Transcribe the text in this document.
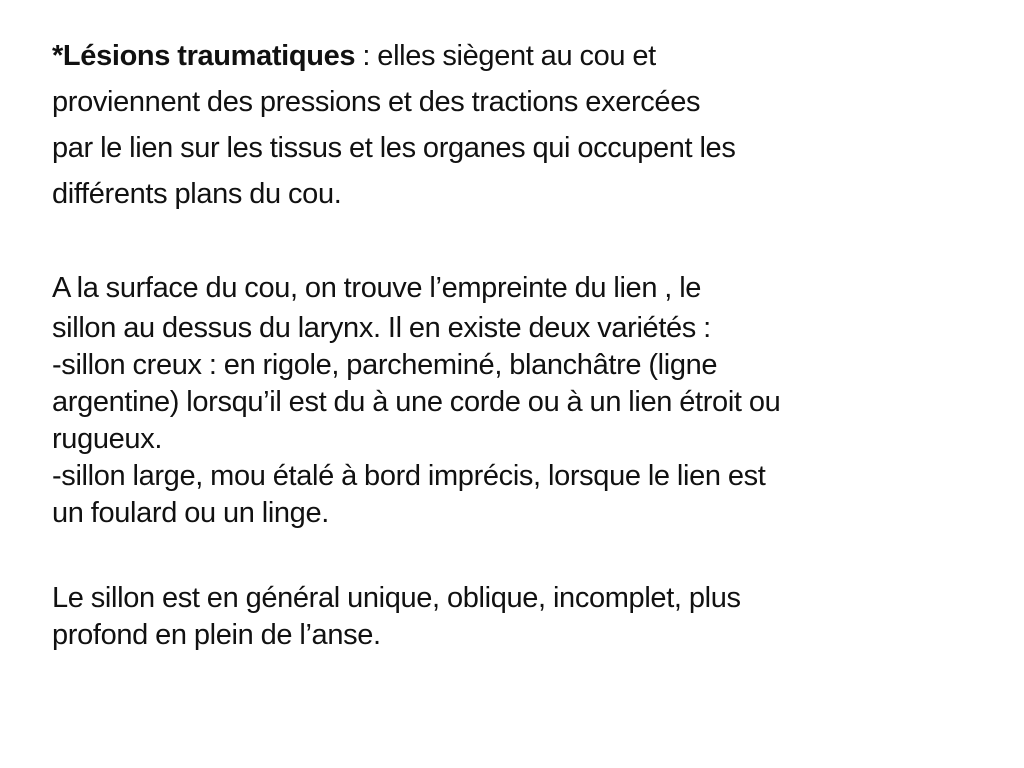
*Lésions traumatiques : elles siègent au cou et
proviennent des pressions et des tractions exercées
par le lien sur les tissus et les organes qui occupent les
différents plans du cou.
A la surface du cou, on trouve l’empreinte du lien , le
sillon au dessus du larynx. Il en existe deux variétés :
-sillon creux : en rigole, parcheminé, blanchâtre (ligne
argentine) lorsqu’il est du à une corde ou à un lien étroit ou
rugueux.
-sillon large, mou étalé à bord imprécis, lorsque le lien est
un foulard ou un linge.
Le sillon est en général unique, oblique, incomplet, plus
profond en plein de l’anse.
